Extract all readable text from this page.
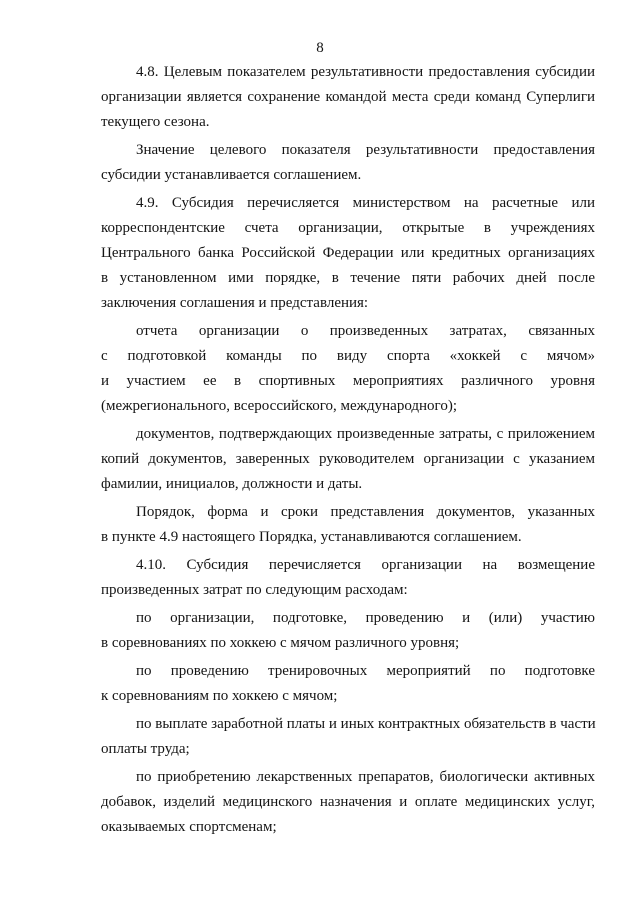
8
4.8. Целевым показателем результативности предоставления субсидии
организации является сохранение командой места среди команд Суперлиги
текущего сезона.
Значение целевого показателя результативности предоставления
субсидии устанавливается соглашением.
4.9. Субсидия перечисляется министерством на расчетные или
корреспондентские счета организации, открытые в учреждениях
Центрального банка Российской Федерации или кредитных организациях
в установленном ими порядке, в течение пяти рабочих дней после
заключения соглашения и представления:
отчета организации о произведенных затратах, связанных
с подготовкой команды по виду спорта «хоккей с мячом»
и участием ее в спортивных мероприятиях различного уровня
(межрегионального, всероссийского, международного);
документов, подтверждающих произведенные затраты, с приложением
копий документов, заверенных руководителем организации с указанием
фамилии, инициалов, должности и даты.
Порядок, форма и сроки представления документов, указанных
в пункте 4.9 настоящего Порядка, устанавливаются соглашением.
4.10. Субсидия перечисляется организации на возмещение
произведенных затрат по следующим расходам:
по организации, подготовке, проведению и (или) участию
в соревнованиях по хоккею с мячом различного уровня;
по проведению тренировочных мероприятий по подготовке
к соревнованиям по хоккею с мячом;
по выплате заработной платы и иных контрактных обязательств в части
оплаты труда;
по приобретению лекарственных препаратов, биологически активных
добавок, изделий медицинского назначения и оплате медицинских услуг,
оказываемых спортсменам;
